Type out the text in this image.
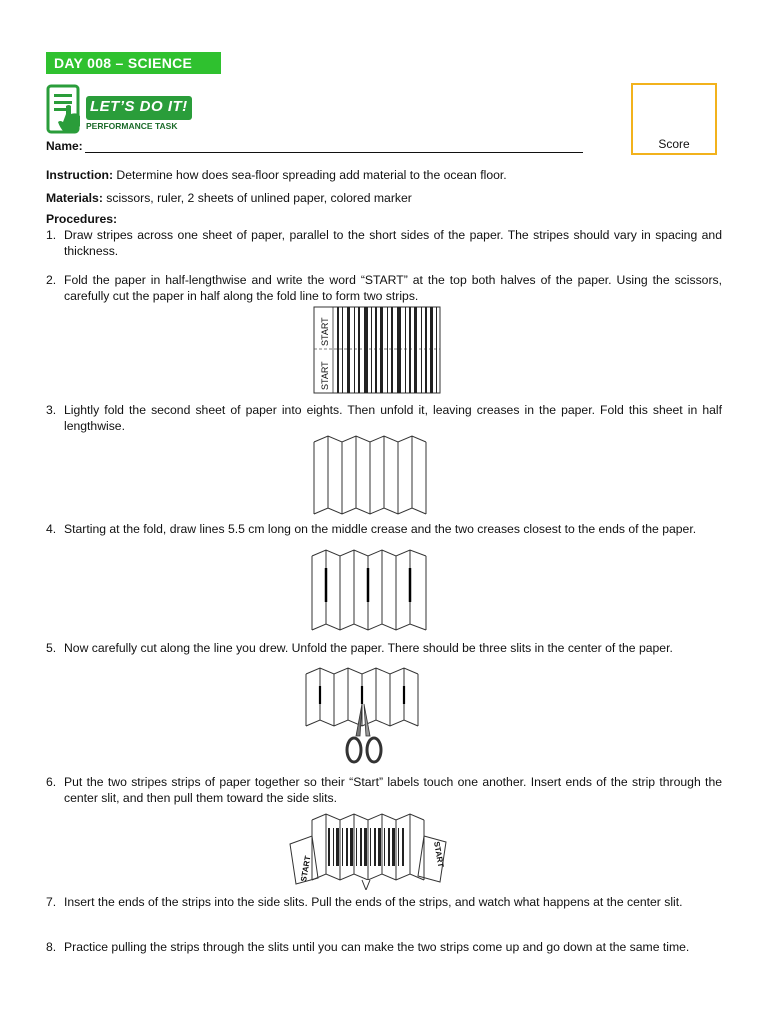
DAY 008 – SCIENCE
LET’S DO IT!
PERFORMANCE TASK
Score
Name:
Instruction: Determine how does sea-floor spreading add material to the ocean floor.
Materials: scissors, ruler, 2 sheets of unlined paper, colored marker
Procedures:
1. Draw stripes across one sheet of paper, parallel to the short sides of the paper. The stripes should vary in spacing and thickness.
2. Fold the paper in half-lengthwise and write the word “START” at the top both halves of the paper. Using the scissors, carefully cut the paper in half along the fold line to form two strips.
3. Lightly fold the second sheet of paper into eights. Then unfold it, leaving creases in the paper. Fold this sheet in half lengthwise.
4. Starting at the fold, draw lines 5.5 cm long on the middle crease and the two creases closest to the ends of the paper.
5. Now carefully cut along the line you drew. Unfold the paper. There should be three slits in the center of the paper.
6. Put the two stripes strips of paper together so their “Start” labels touch one another. Insert ends of the strip through the center slit, and then pull them toward the side slits.
7. Insert the ends of the strips into the side slits. Pull the ends of the strips, and watch what happens at the center slit.
8. Practice pulling the strips through the slits until you can make the two strips come up and go down at the same time.
START
START
START
START
